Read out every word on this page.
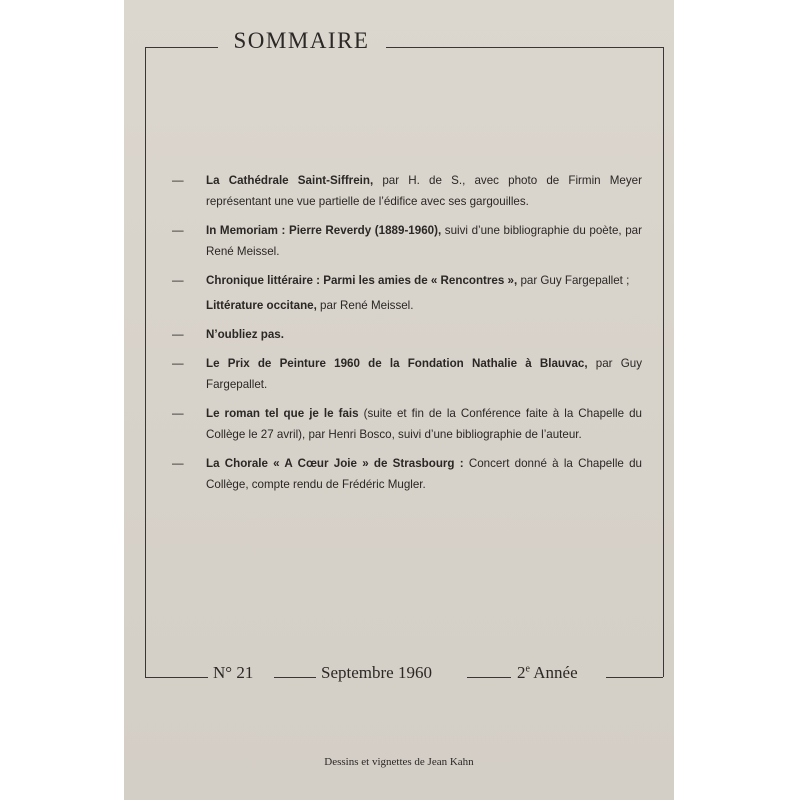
SOMMAIRE
—	La Cathédrale Saint-Siffrein, par H. de S., avec photo de Firmin Meyer représentant une vue partielle de l’édifice avec ses gargouilles.
—	In Memoriam : Pierre Reverdy (1889-1960), suivi d’une bibliographie du poète, par René Meissel.
—	Chronique littéraire : Parmi les amies de « Rencontres », par Guy Fargepallet ;
Littérature occitane, par René Meissel.
—	N’oubliez pas.
—	Le Prix de Peinture 1960 de la Fondation Nathalie à Blauvac, par Guy Fargepallet.
—	Le roman tel que je le fais (suite et fin de la Conférence faite à la Chapelle du Collège le 27 avril), par Henri Bosco, suivi d’une bibliographie de l’auteur.
—	La Chorale « A Cœur Joie » de Strasbourg : Concert donné à la Chapelle du Collège, compte rendu de Frédéric Mugler.
N° 21	Septembre 1960	2e Année
Dessins et vignettes de Jean Kahn
